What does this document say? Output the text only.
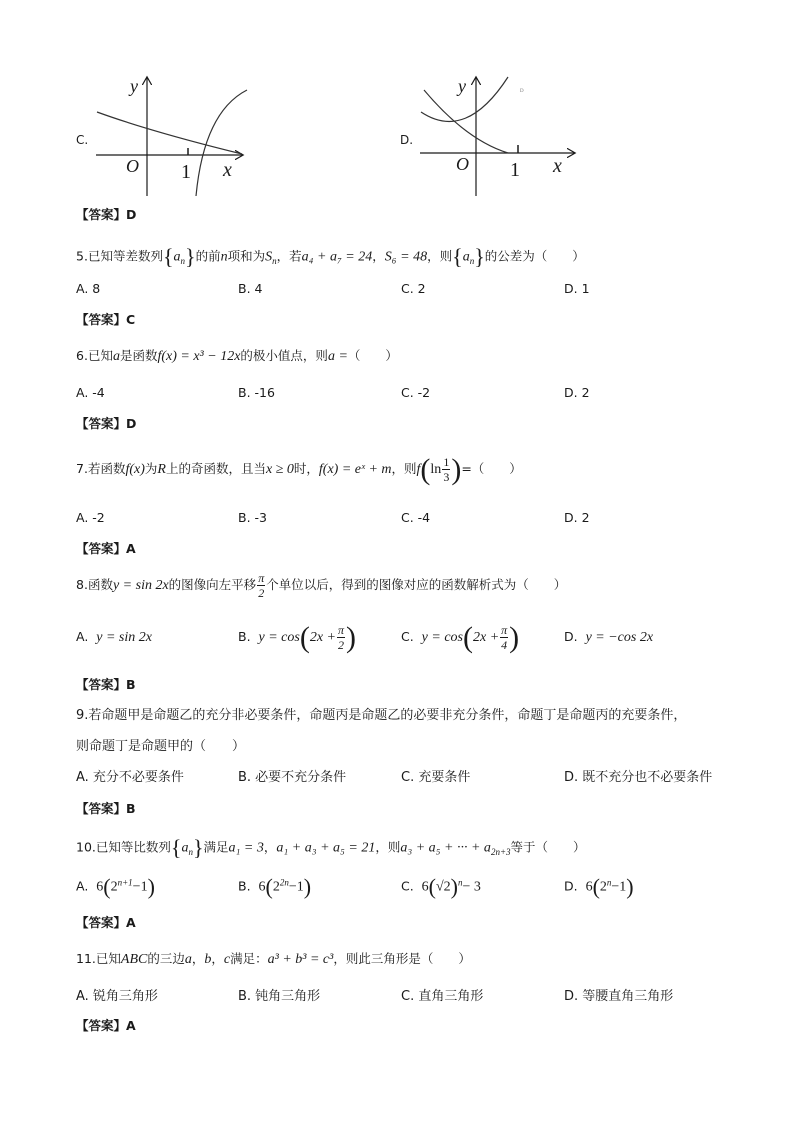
C.
y
O 1 x
D.
y
O 1 x
D
【答案】D
5.已知等差数列$\{a_n\}$的前n项和为$S_n$，若a₄ + a₇ = 24，S₆ = 48，则$\{a_n\}$的公差为（　　）
A. 8	B. 4	C. 2	D. 1
【答案】C
6.已知a是函数f(x) = x³ − 12x的极小值点，则a =（　　）
A. -4	B. -16	C. -2	D. 2
【答案】D
7.若函数f(x)为R上的奇函数，且当x ≥ 0时，f(x) = eˣ + m，则$f(\ln \frac{1}{3}$ )=（　　）
A. -2	B. -3	C. -4	D. 2
【答案】A
8.函数y = sin 2x的图像向左平移 $\frac{\pi}{2}$ 个单位以后，得到的图像对应的函数解析式为（　　）
A. y = sin 2x	B. $y = \cos(2x + \frac{\pi}{2}$ )	C. $y = \cos(2x + \frac{\pi}{4}$ )	D. y = −cos 2x
【答案】B
9.若命题甲是命题乙的充分非必要条件，命题丙是命题乙的必要非充分条件，命题丁是命题丙的充要条件，
则命题丁是命题甲的（　　）
A. 充分不必要条件	B. 必要不充分条件	C. 充要条件	D. 既不充分也不必要条件
【答案】B
10.已知等比数列$\{a_n\}$满足a₁ = 3，a₁ + a₃ + a₅ = 21，则a₃ + a₅ + ··· + $a_{2n+3}$等于（　　）
A. $6(2^{n+1}-1)$	B. $6(2^{2n}-1)$	C. $6(√2)^n- 3$	D. $6(2^n-1)$
【答案】A
11.已知ABC的三边a，b，c满足：a³ + b³ = c³，则此三角形是（　　）
A. 锐角三角形	B. 钝角三角形	C. 直角三角形	D. 等腰直角三角形
【答案】A
